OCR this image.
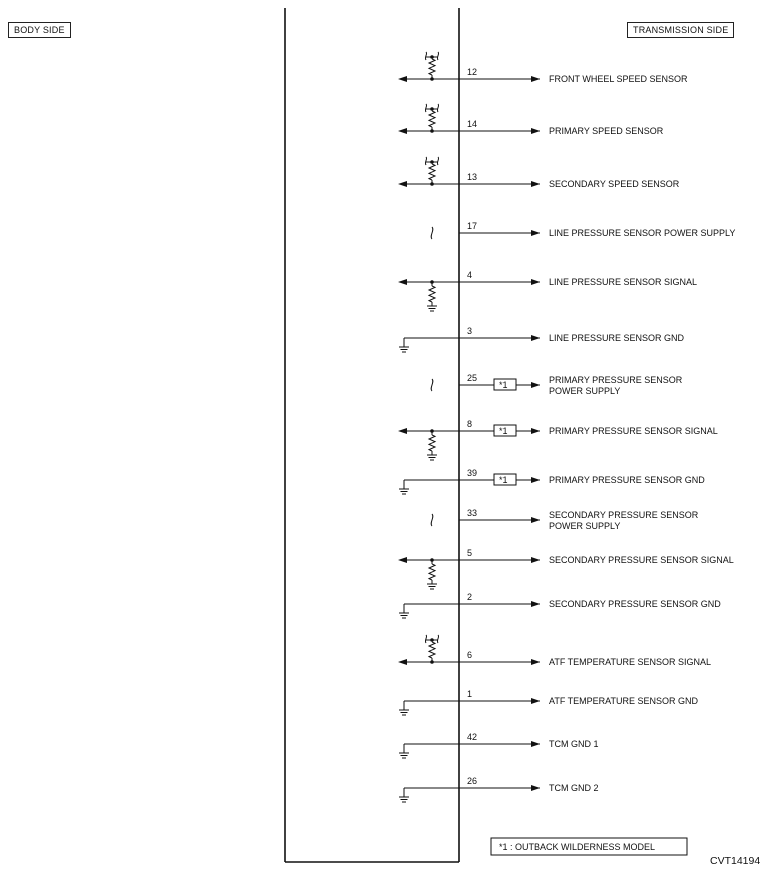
BODY SIDE	TRANSMISSION SIDE
12
FRONT WHEEL SPEED SENSOR
14
PRIMARY SPEED SENSOR
13
SECONDARY SPEED SENSOR
17
LINE PRESSURE SENSOR POWER SUPPLY
4
LINE PRESSURE SENSOR SIGNAL
3
LINE PRESSURE SENSOR GND
25
*1	PRIMARY PRESSURE SENSOR
POWER SUPPLY
8
*1	PRIMARY PRESSURE SENSOR SIGNAL
39
*1	PRIMARY PRESSURE SENSOR GND
33	SECONDARY PRESSURE SENSOR
POWER SUPPLY
5
SECONDARY PRESSURE SENSOR SIGNAL
2
SECONDARY PRESSURE SENSOR GND
6
ATF TEMPERATURE SENSOR SIGNAL
1
ATF TEMPERATURE SENSOR GND
42
TCM GND 1
26
TCM GND 2
*1 : OUTBACK WILDERNESS MODEL
CVT14194
